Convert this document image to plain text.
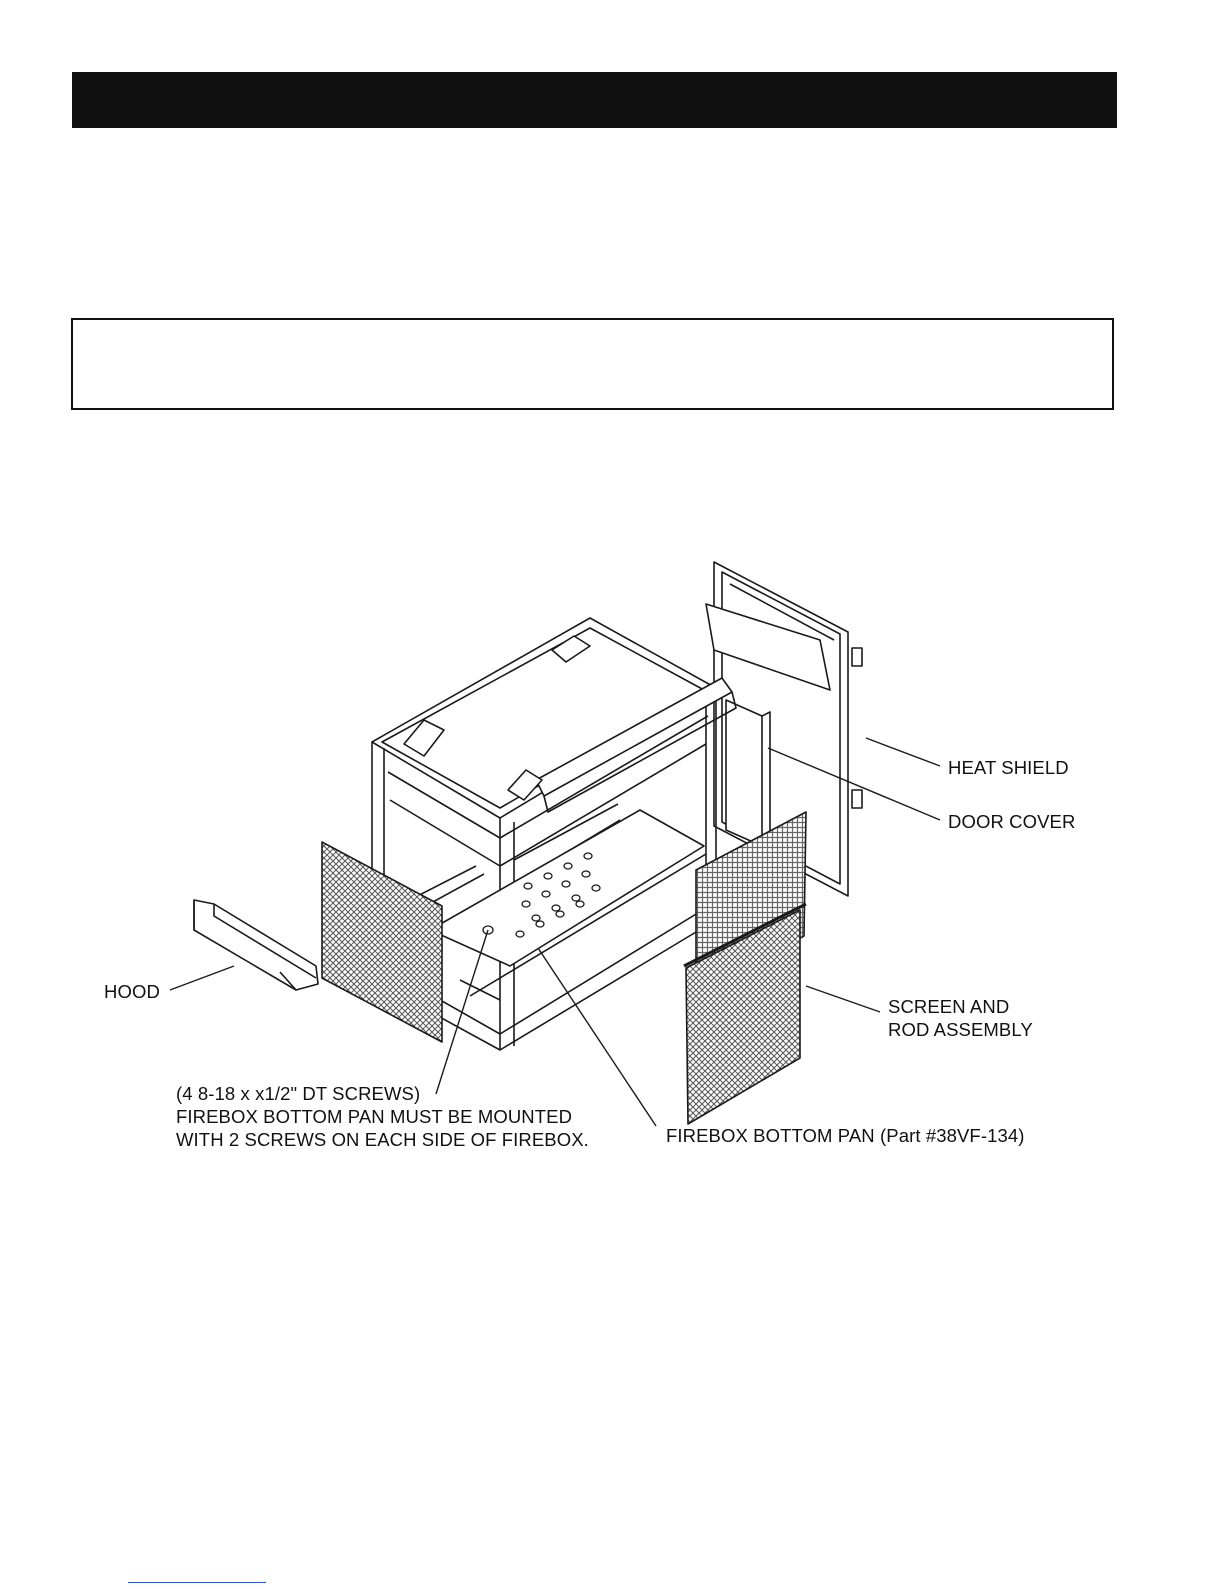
HEAT SHIELD
DOOR COVER
SCREEN AND
ROD ASSEMBLY
HOOD
(4 8-18 x x1/2" DT SCREWS)
FIREBOX BOTTOM PAN MUST BE MOUNTED
WITH 2 SCREWS ON EACH SIDE OF FIREBOX.	FIREBOX BOTTOM PAN (Part #38VF-134)
